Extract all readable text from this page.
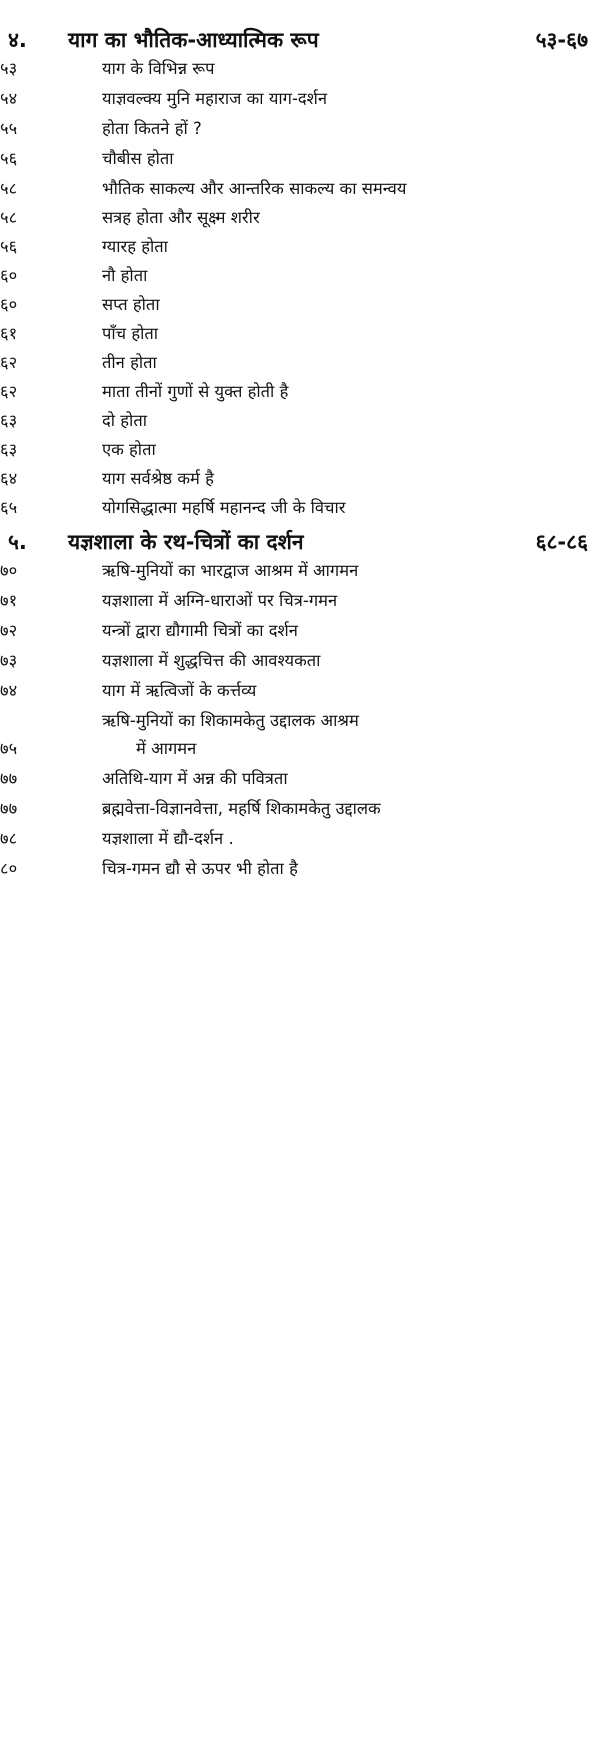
४. याग का भौतिक-आध्यात्मिक रूप	५३-६७
याग के विभिन्न रूप
५३
याज्ञवल्क्य मुनि महाराज का याग-दर्शन
५४
होता कितने हों ?
५५
चौबीस होता
५६
भौतिक साकल्य और आन्तरिक साकल्य का समन्वय
५८
सत्रह होता और सूक्ष्म शरीर
५८
ग्यारह होता
५६
नौ होता
६०
सप्त होता
६०
पाँच होता
६१
तीन होता
६२
माता तीनों गुणों से युक्त होती है
६२
दो होता
६३
एक होता
६३
याग सर्वश्रेष्ठ कर्म है
६४
योगसिद्धात्मा महर्षि महानन्द जी के विचार
६५
५. यज्ञशाला के रथ-चित्रों का दर्शन	६८-८६
ऋषि-मुनियों का भारद्वाज आश्रम में आगमन
७०
यज्ञशाला में अग्नि-धाराओं पर चित्र-गमन
७१
यन्त्रों द्वारा द्यौगामी चित्रों का दर्शन
७२
यज्ञशाला में शुद्धचित्त की आवश्यकता
७३
याग में ऋत्विजों के कर्त्तव्य
७४
ऋषि-मुनियों का शिकामकेतु उद्दालक आश्रम
में आगमन
७५
अतिथि-याग में अन्न की पवित्रता
७७
ब्रह्मवेत्ता-विज्ञानवेत्ता, महर्षि शिकामकेतु उद्दालक
७७
यज्ञशाला में द्यौ-दर्शन .
७८
चित्र-गमन द्यौ से ऊपर भी होता है
८०
